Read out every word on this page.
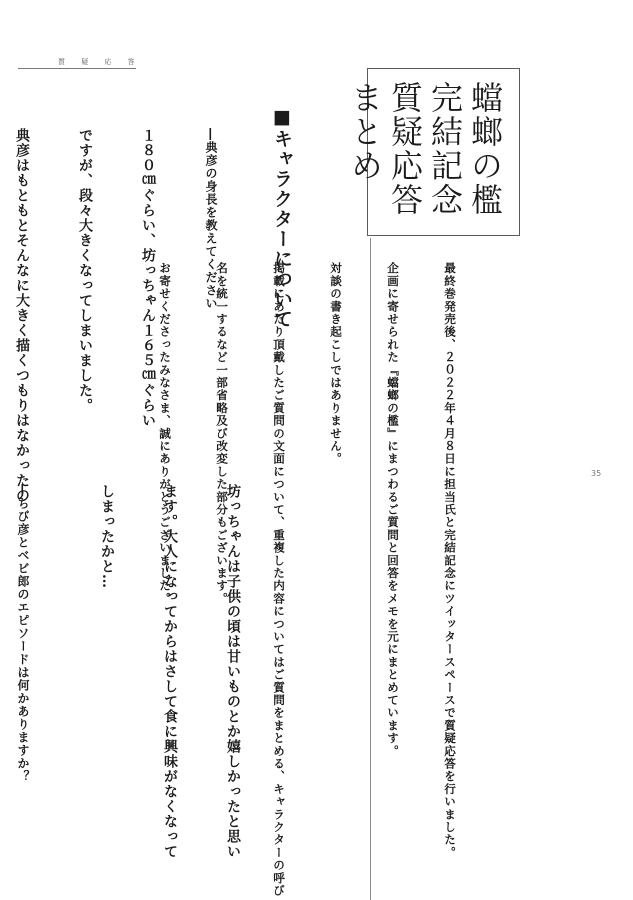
質 疑 応 答
35
蟷螂の檻
完結記念
質疑応答
まとめ

最終巻発売後、２０２２年４月８日に担当氏と完結記念にツイッタースペースで質疑応答を行いました。

企画に寄せられた『蟷螂の檻』にまつわるご質問と回答をメモを元にまとめています。

対談の書き起こしではありません。

掲載にあたり頂戴したご質問の文面について、重複した内容についてはご質問をまとめる、キャラクターの呼び

名を統一するなど一部省略及び改変した部分もございます。

お寄せくださったみなさま、誠にありがとうございました。

■キャラクターについて

―典彦の身長を教えてください

１８０㎝ぐらい、坊っちゃん１６５㎝ぐらい

ですが、段々大きくなってしまいました。

典彦はもともとそんなに大きく描くつもりはなかったの

坊っちゃんは子供の頃は甘いものとか嬉しかったと思い

ます。大人になってからはさして食に興味がなくなって

しまったかと…

―ちび彦とベビ郎のエピソードは何かありますか？
